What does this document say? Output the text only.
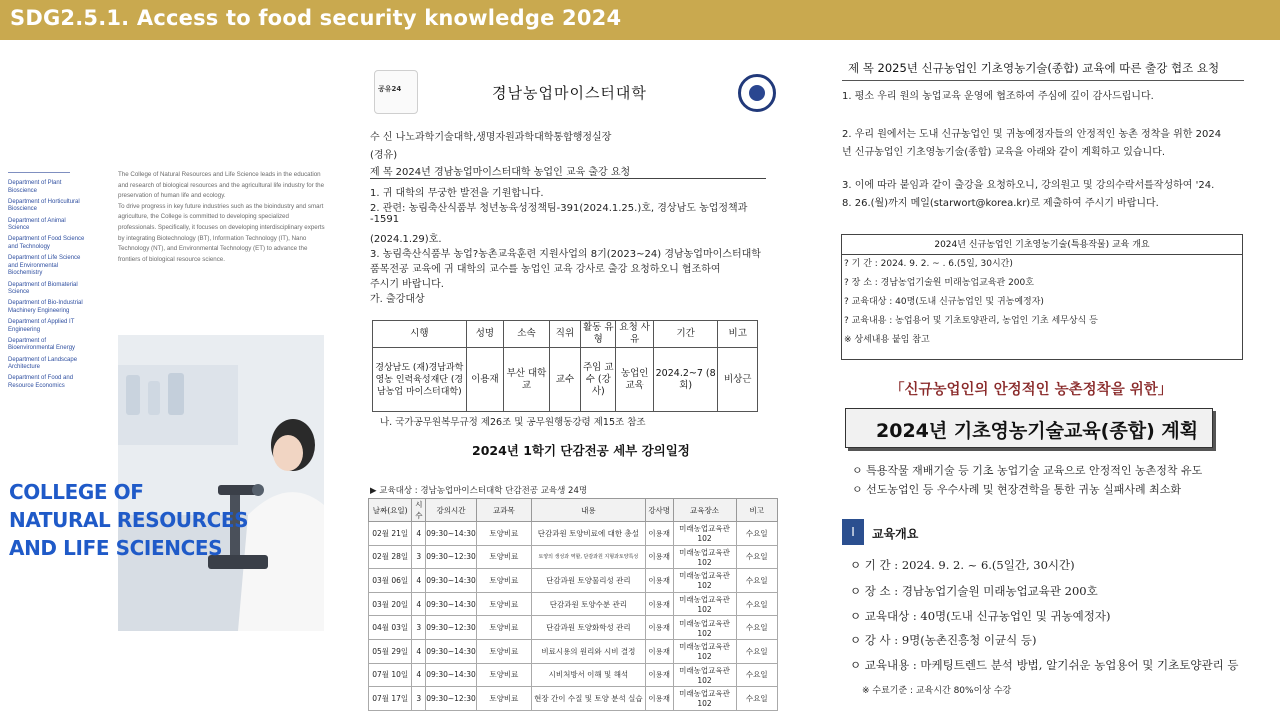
SDG2.5.1. Access to food security knowledge 2024
Department of Plant Bioscience
Department of Horticultural Bioscience
Department of Animal Science
Department of Food Science and Technology
Department of Life Science and Environmental Biochemistry
Department of Biomaterial Science
Department of Bio-Industrial Machinery Engineering
Department of Applied IT Engineering
Department of Bioenvironmental Energy
Department of Landscape Architecture
Department of Food and Resource Economics

The College of Natural Resources and Life Science leads in the education and research of biological resources and the agricultural life industry for the preservation of human life and ecology.

To drive progress in key future industries such as the bioindustry and smart agriculture, the College is committed to developing specialized professionals. Specifically, it focuses on developing interdisciplinary experts by integrating Biotechnology (BT), Information Technology (IT), Nano Technology (NT), and Environmental Technology (ET) to advance the frontiers of biological resource science.

COLLEGE OF
NATURAL RESOURCES
AND LIFE SCIENCES
공유24	경남농업마이스터대학
수 신 나노과학기술대학,생명자원과학대학통합행정실장
(경유)
제 목 2024년 경남농업마이스터대학 농업인 교육 출강 요청
1. 귀 대학의 무궁한 발전을 기원합니다.
2. 관련: 농림축산식품부 청년농육성정책팀-391(2024.1.25.)호, 경상남도 농업정책과
-1591
(2024.1.29)호.
3. 농림축산식품부 농업?농촌교육훈련 지원사업의 8기(2023~24) 경남농업마이스터대학
품목전공 교육에 귀 대학의 교수를 농업인 교육 강사로 출강 요청하오니 협조하여
주시기 바랍니다.
가. 출강대상
시행	성명	소속	직위	활동 유형	요청 사유	기간	비고
경상남도 (재)경남과학영농 인력육성재단 (경남농업 마이스터대학)	이용재	부산 대학교	교수	주임 교수 (강사)	농업인 교육	2024.2~7 (8회)	비상근
나. 국가공무원복무규정 제26조 및 공무원행동강령 제15조 참조
2024년 1학기 단감전공 세부 강의일정
▶ 교육대상 : 경남농업마이스터대학 단감전공 교육생 24명
날짜(요일)	시수	강의시간	교과목	내용	강사명	교육장소	비고
02월 21일	4	09:30~14:30	토양비료	단감과원 토양비료에 대한 총설	이용재	미래농업교육관102	수요일
02월 28일	3	09:30~12:30	토양비료	토양의 생성과 역할, 단감과원 지형과토양특성	이용재	미래농업교육관102	수요일
03월 06일	4	09:30~14:30	토양비료	단감과원 토양물리성 관리	이용재	미래농업교육관102	수요일
03월 20일	4	09:30~14:30	토양비료	단감과원 토양수분 관리	이용재	미래농업교육관102	수요일
04월 03일	3	09:30~12:30	토양비료	단감과원 토양화학성 관리	이용재	미래농업교육관102	수요일
05월 29일	4	09:30~14:30	토양비료	비료시용의 원리와 시비 결정	이용재	미래농업교육관102	수요일
07월 10일	4	09:30~14:30	토양비료	시비처방서 이해 및 해석	이용재	미래농업교육관102	수요일
07월 17일	3	09:30~12:30	토양비료	현장 간이 수질 및 토양 분석 실습	이용재	미래농업교육관102	수요일
제 목 2025년 신규농업인 기초영농기술(종합) 교육에 따른 출강 협조 요청
1. 평소 우리 원의 농업교육 운영에 협조하여 주심에 깊이 감사드립니다.
2. 우리 원에서는 도내 신규농업인 및 귀농예정자들의 안정적인 농촌 정착을 위한 2024
년 신규농업인 기초영농기술(종합) 교육을 아래와 같이 계획하고 있습니다.
3. 이에 따라 붙임과 같이 출강을 요청하오니, 강의원고 및 강의수락서를작성하여 '24.
8. 26.(월)까지 메일(starwort@korea.kr)로 제출하여 주시기 바랍니다.
2024년 신규농업인 기초영농기술(특용작물) 교육 개요
? 기 간 : 2024. 9. 2. ~ . 6.(5일, 30시간)
? 장 소 : 경남농업기술원 미래농업교육관 200호
? 교육대상 : 40명(도내 신규농업인 및 귀농예정자)
? 교육내용 : 농업용어 및 기초토양관리, 농업인 기초 세무상식 등
※ 상세내용 붙임 참고
「신규농업인의 안정적인 농촌정착을 위한」
2024년 기초영농기술교육(종합) 계획
ㅇ 특용작물 재배기술 등 기초 농업기술 교육으로 안정적인 농촌정착 유도
ㅇ 선도농업인 등 우수사례 및 현장견학을 통한 귀농 실패사례 최소화
Ⅰ	교육개요
ㅇ 기 간 : 2024. 9. 2. ~ 6.(5일간, 30시간)
ㅇ 장 소 : 경남농업기술원 미래농업교육관 200호
ㅇ 교육대상 : 40명(도내 신규농업인 및 귀농예정자)
ㅇ 강 사 : 9명(농촌진흥청 이균식 등)
ㅇ 교육내용 : 마케팅트렌드 분석 방법, 알기쉬운 농업용어 및 기초토양관리 등
※ 수료기준 : 교육시간 80%이상 수강
